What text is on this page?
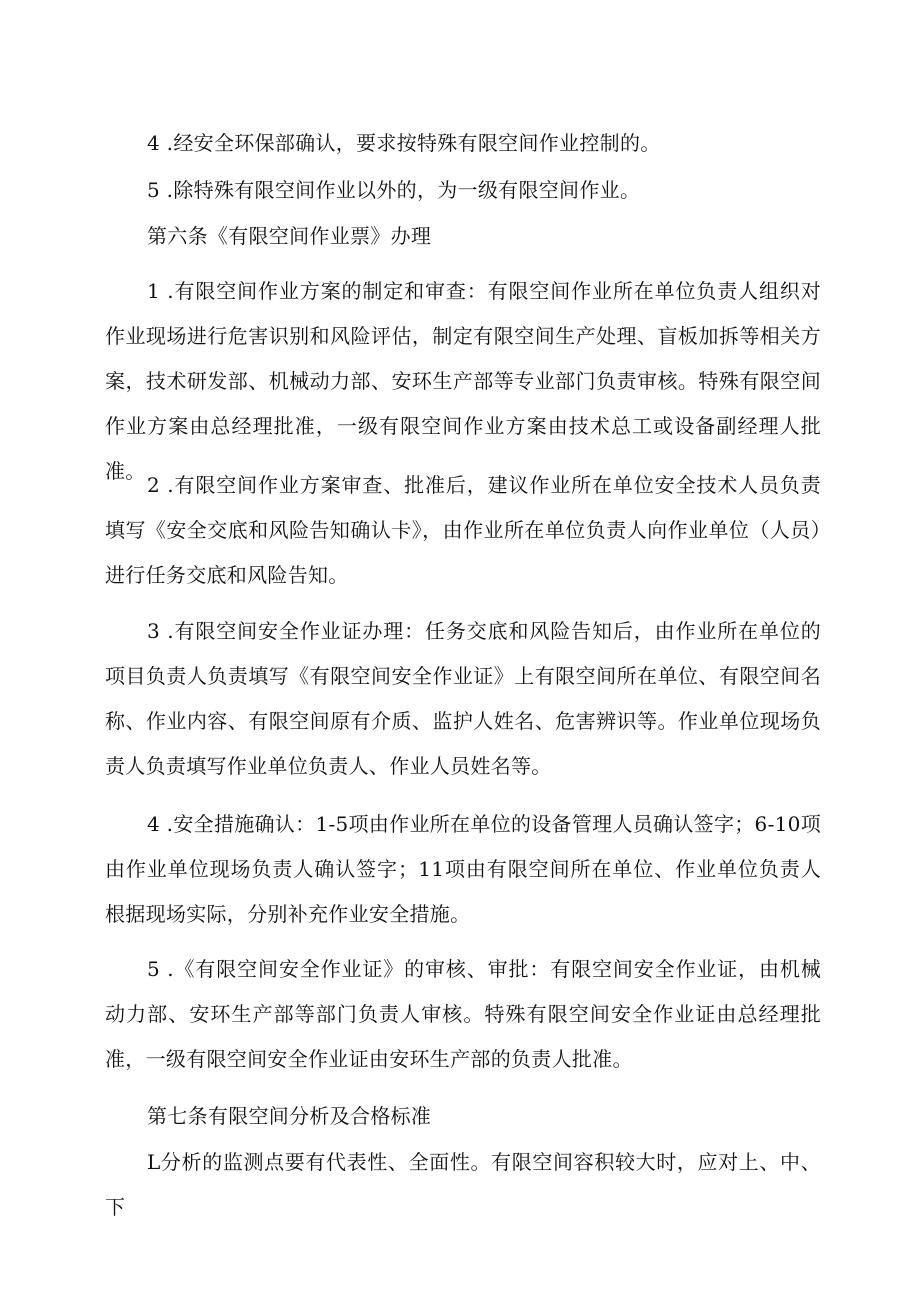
4 .经安全环保部确认，要求按特殊有限空间作业控制的。

5 .除特殊有限空间作业以外的，为一级有限空间作业。

第六条《有限空间作业票》办理

1 .有限空间作业方案的制定和审查：有限空间作业所在单位负责人组织对作业现场进行危害识别和风险评估，制定有限空间生产处理、盲板加拆等相关方案，技术研发部、机械动力部、安环生产部等专业部门负责审核。特殊有限空间作业方案由总经理批准，一级有限空间作业方案由技术总工或设备副经理人批准。

2 .有限空间作业方案审查、批准后，建议作业所在单位安全技术人员负责填写《安全交底和风险告知确认卡》，由作业所在单位负责人向作业单位（人员）进行任务交底和风险告知。

3 .有限空间安全作业证办理：任务交底和风险告知后，由作业所在单位的项目负责人负责填写《有限空间安全作业证》上有限空间所在单位、有限空间名称、作业内容、有限空间原有介质、监护人姓名、危害辨识等。作业单位现场负责人负责填写作业单位负责人、作业人员姓名等。

4 .安全措施确认：1-5项由作业所在单位的设备管理人员确认签字；6-10项由作业单位现场负责人确认签字；11项由有限空间所在单位、作业单位负责人根据现场实际，分别补充作业安全措施。

5 .《有限空间安全作业证》的审核、审批：有限空间安全作业证，由机械动力部、安环生产部等部门负责人审核。特殊有限空间安全作业证由总经理批准，一级有限空间安全作业证由安环生产部的负责人批准。

第七条有限空间分析及合格标准

L分析的监测点要有代表性、全面性。有限空间容积较大时，应对上、中、下
